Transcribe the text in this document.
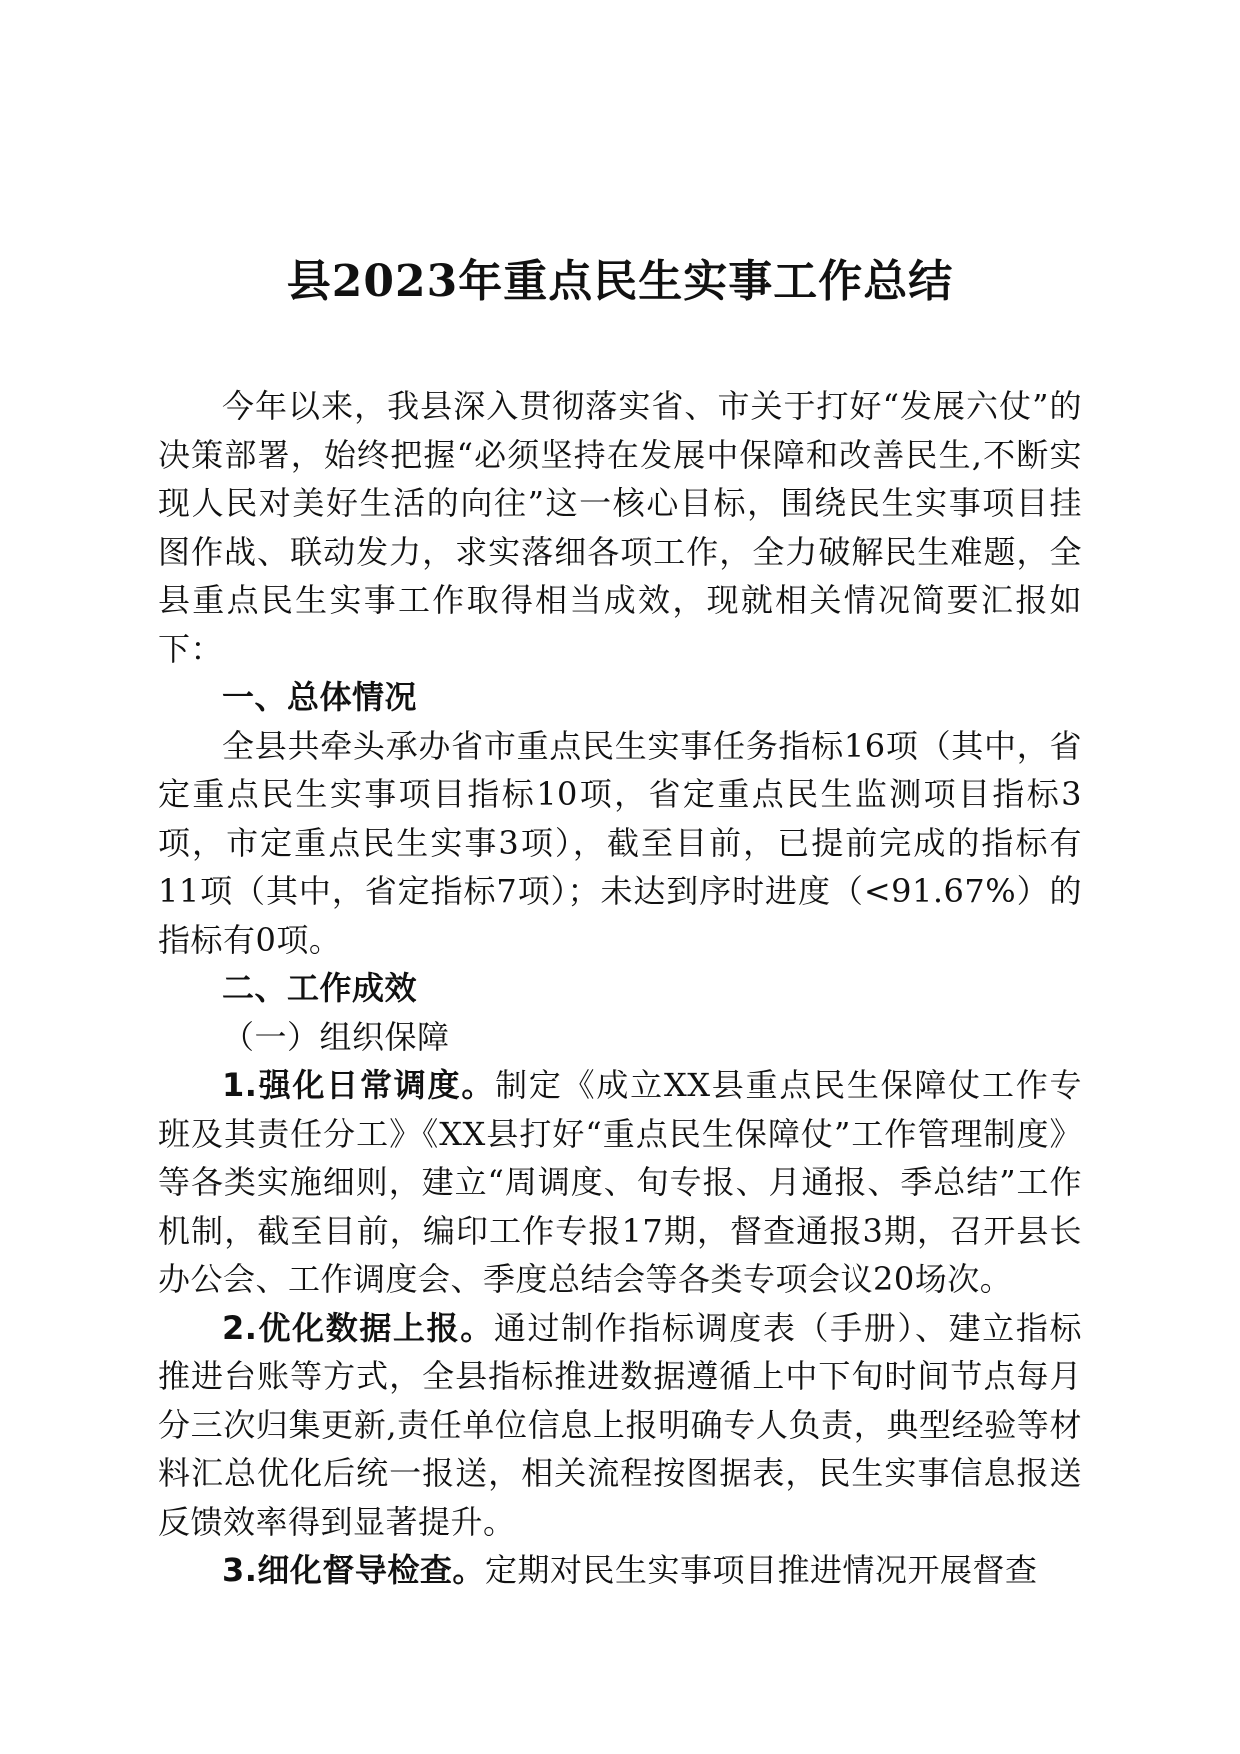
县2023年重点民生实事工作总结

今年以来，我县深入贯彻落实省、市关于打好“发展六仗”的决策部署，始终把握“必须坚持在发展中保障和改善民生,不断实现人民对美好生活的向往”这一核心目标，围绕民生实事项目挂图作战、联动发力，求实落细各项工作，全力破解民生难题，全县重点民生实事工作取得相当成效，现就相关情况简要汇报如下：

一、总体情况

全县共牵头承办省市重点民生实事任务指标16项（其中，省定重点民生实事项目指标10项，省定重点民生监测项目指标3项，市定重点民生实事3项），截至目前，已提前完成的指标有11项（其中，省定指标7项）；未达到序时进度（<91.67%）的指标有0项。

二、工作成效

（一）组织保障

1.强化日常调度。制定《成立XX县重点民生保障仗工作专班及其责任分工》《XX县打好“重点民生保障仗”工作管理制度》等各类实施细则，建立“周调度、旬专报、月通报、季总结”工作机制，截至目前，编印工作专报17期，督查通报3期，召开县长办公会、工作调度会、季度总结会等各类专项会议20场次。

2.优化数据上报。通过制作指标调度表（手册）、建立指标推进台账等方式，全县指标推进数据遵循上中下旬时间节点每月分三次归集更新,责任单位信息上报明确专人负责，典型经验等材料汇总优化后统一报送，相关流程按图据表，民生实事信息报送反馈效率得到显著提升。

3.细化督导检查。定期对民生实事项目推进情况开展督查
